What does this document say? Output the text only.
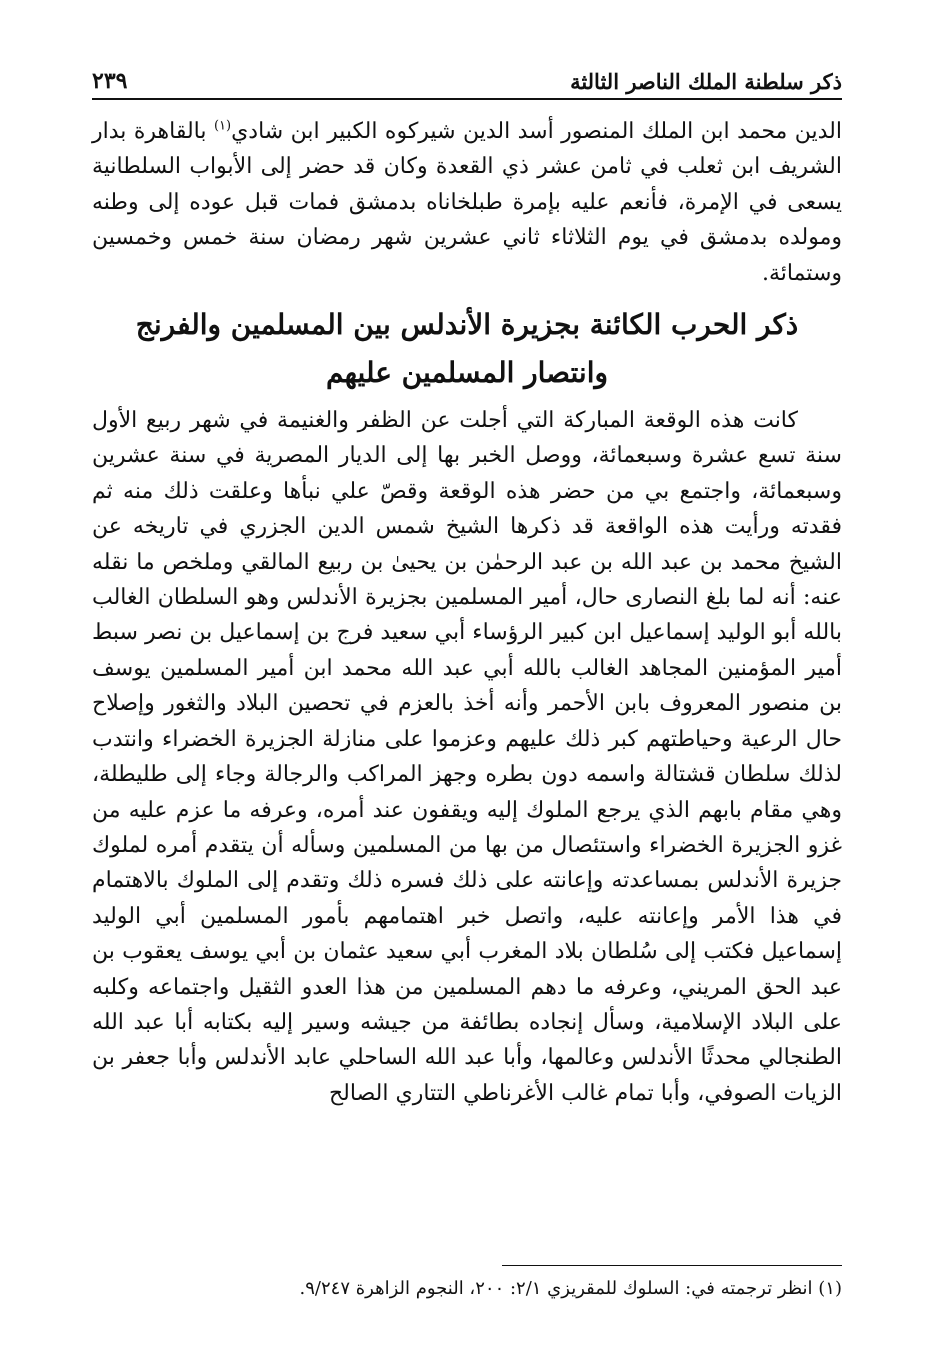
ذكر سلطنة الملك الناصر الثالثة
٢٣٩

الدين محمد ابن الملك المنصور أسد الدين شيركوه الكبير ابن شادي$^{(١)}$ بالقاهرة بدار الشريف ابن ثعلب في ثامن عشر ذي القعدة وكان قد حضر إلى الأبواب السلطانية يسعى في الإمرة، فأنعم عليه بإمرة طبلخاناه بدمشق فمات قبل عوده إلى وطنه ومولده بدمشق في يوم الثلاثاء ثاني عشرين شهر رمضان سنة خمس وخمسين وستمائة.

ذكر الحرب الكائنة بجزيرة الأندلس بين المسلمين والفرنج
وانتصار المسلمين عليهم

كانت هذه الوقعة المباركة التي أجلت عن الظفر والغنيمة في شهر ربيع الأول سنة تسع عشرة وسبعمائة، ووصل الخبر بها إلى الديار المصرية في سنة عشرين وسبعمائة، واجتمع بي من حضر هذه الوقعة وقصّ علي نبأها وعلقت ذلك منه ثم فقدته ورأيت هذه الواقعة قد ذكرها الشيخ شمس الدين الجزري في تاريخه عن الشيخ محمد بن عبد الله بن عبد الرحمٰن بن يحيىٰ بن ربيع المالقي وملخص ما نقله عنه: أنه لما بلغ النصارى حال، أمير المسلمين بجزيرة الأندلس وهو السلطان الغالب بالله أبو الوليد إسماعيل ابن كبير الرؤساء أبي سعيد فرج بن إسماعيل بن نصر سبط أمير المؤمنين المجاهد الغالب بالله أبي عبد الله محمد ابن أمير المسلمين يوسف بن منصور المعروف بابن الأحمر وأنه أخذ بالعزم في تحصين البلاد والثغور وإصلاح حال الرعية وحياطتهم كبر ذلك عليهم وعزموا على منازلة الجزيرة الخضراء وانتدب لذلك سلطان قشتالة واسمه دون بطره وجهز المراكب والرجالة وجاء إلى طليطلة، وهي مقام بابهم الذي يرجع الملوك إليه ويقفون عند أمره، وعرفه ما عزم عليه من غزو الجزيرة الخضراء واستئصال من بها من المسلمين وسأله أن يتقدم أمره لملوك جزيرة الأندلس بمساعدته وإعانته على ذلك فسره ذلك وتقدم إلى الملوك بالاهتمام في هذا الأمر وإعانته عليه، واتصل خبر اهتمامهم بأمور المسلمين أبي الوليد إسماعيل فكتب إلى سُلطان بلاد المغرب أبي سعيد عثمان بن أبي يوسف يعقوب بن عبد الحق المريني، وعرفه ما دهم المسلمين من هذا العدو الثقيل واجتماعه وكلبه على البلاد الإسلامية، وسأل إنجاده بطائفة من جيشه وسير إليه بكتابه أبا عبد الله الطنجالي محدثًا الأندلس وعالمها، وأبا عبد الله الساحلي عابد الأندلس وأبا جعفر بن الزيات الصوفي، وأبا تمام غالب الأغرناطي التتاري الصالح

(١) انظر ترجمته في: السلوك للمقريزي ٢/١: ٢٠٠، النجوم الزاهرة ٩/٢٤٧.
